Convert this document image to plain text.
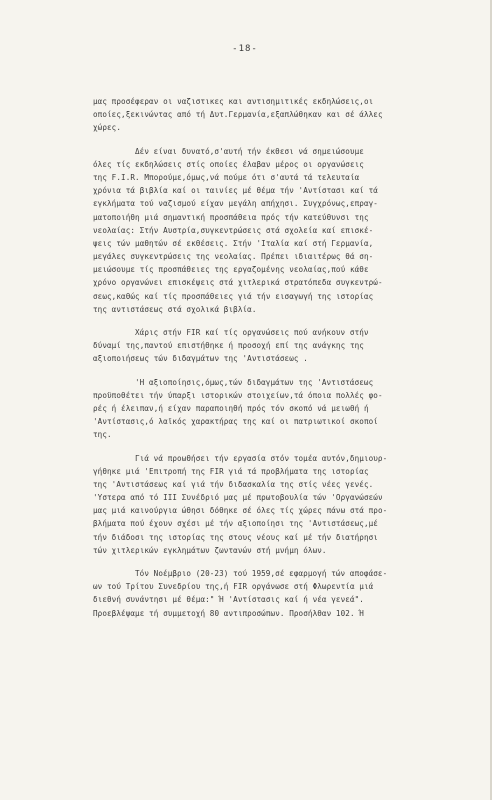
-18-
μας προσέφεραν οι ναζιστικες και αντισημιτικές εκδηλώσεις,οι
οποίες,ξεκινώντας από τή Δυτ.Γερμανία,εξαπλώθηκαν και σέ άλλες
χώρες.
Δέν είναι δυνατό,σ'αυτή τήν έκθεσι νά σημειώσουμε
όλες τίς εκδηλώσεις στίς οποίες έλαβαν μέρος οι οργανώσεις
της F.I.R. Μπορούμε,όμως,νά πούμε ότι σ'αυτά τά τελευταία
χρόνια τά βιβλία καί οι ταινίες μέ θέμα τήν 'Αντίστασι καί τά
εγκλήματα τού ναζισμού είχαν μεγάλη απήχησι. Συγχρόνως,επραγ-
ματοποιήθη μιά σημαντική προσπάθεια πρός τήν κατεύθυνσι της
νεολαίας: Στήν Αυστρία,συγκεντρώσεις στά σχολεία καί επισκέ-
ψεις τών μαθητών σέ εκθέσεις. Στήν 'Ιταλία καί στή Γερμανία,
μεγάλες συγκεντρώσεις της νεολαίας. Πρέπει ιδιαιτέρως θά ση-
μειώσουμε τίς προσπάθειες της εργαζομένης νεολαίας,πού κάθε
χρόνο οργανώνει επισκέψεις στά χιτλερικά στρατόπεδα συγκεντρώ-
σεως,καθώς καί τίς προσπάθειες γιά τήν εισαγωγή της ιστορίας
της αντιστάσεως στά σχολικά βιβλία.
Χάρις στήν FIR καί τίς οργανώσεις πού ανήκουν στήν
δύναμί της,παντού επιστήθηκε ή προσοχή επί της ανάγκης της
αξιοποιήσεως τών διδαγμάτων της 'Αντιστάσεως .
'Η αξιοποίησις,όμως,τών διδαγμάτων της 'Αντιστάσεως
προϋποθέτει τήν ύπαρξι ιστορικών στοιχείων,τά όποια πολλές φο-
ρές ή έλειπαν,ή είχαν παραποιηθή πρός τόν σκοπό νά μειωθή ή
'Αντίστασις,ό λαϊκός χαρακτήρας της καί οι πατριωτικοί σκοποί
της.
Γιά νά προωθήσει τήν εργασία στόν τομέα αυτόν,δημιουρ-
γήθηκε μιά 'Επιτροπή της FIR γιά τά προβλήματα της ιστορίας
της 'Αντιστάσεως καί γιά τήν διδασκαλία της στίς νέες γενές.
'Υστερα από τό III Συνέδριό μας μέ πρωτοβουλία τών 'Οργανώσεών
μας μιά καινούργια ώθησι δόθηκε σέ όλες τίς χώρες πάνω στά προ-
βλήματα πού έχουν σχέσι μέ τήν αξιοποίησι της 'Αντιστάσεως,μέ
τήν διάδοσι της ιστορίας της στους νέους καί μέ τήν διατήρησι
τών χιτλερικών εγκλημάτων ζωντανών στή μνήμη όλων.
Τόν Νοέμβριο (20-23) τού 1959,σέ εφαρμογή τών αποφάσε-
ων τού Τρίτου Συνεδρίου της,ή FIR οργάνωσε στή Φλωρεντία μιά
διεθνή συνάντησι μέ θέμα:" Ή 'Αντίστασις καί ή νέα γενεά".
Προεβλέψαμε τή συμμετοχή 80 αντιπροσώπων. Προσήλθαν 102. Ή
